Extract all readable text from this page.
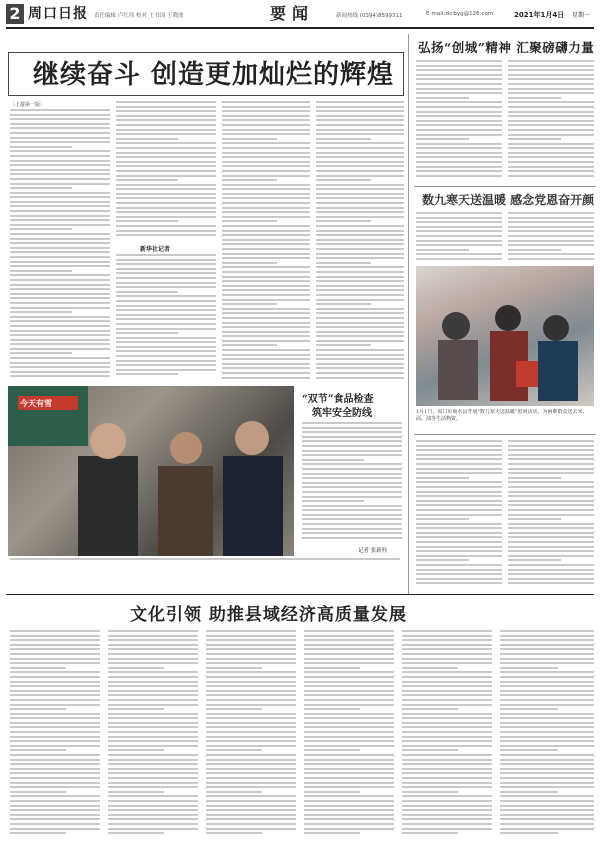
2 周口日报 责任编辑 卢红伟 校对 王书国 王晓波	要闻	新闻热线 (0394)8599311	E-mail:zkrbyg@126.com	2021年1月4日 星期一
继续奋斗 创造更加灿烂的辉煌
〔上接第一版〕
新华社记者
弘扬“创城”精神 汇聚磅礴力量
数九寒天送温暖 感念党恩奋开颜
1月1日，周口市商水县开展“数九寒天送温暖”慰问活动，为困难群众送去米、面、油等生活物资。
今天有雪	“双节”食品检查
筑牢安全防线
记者 张新栓
文化引领 助推县域经济高质量发展
